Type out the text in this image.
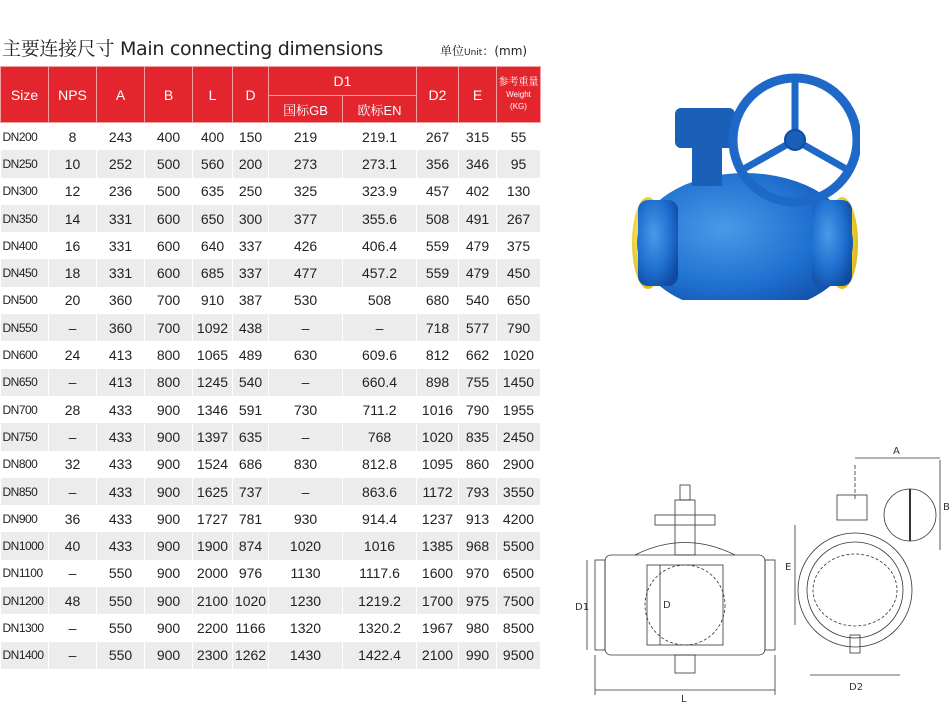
主要连接尺寸 Main connecting dimensions	单位Unit：(mm)
Size	NPS	A	B	L	D	D1		D2	E	参考重量
Weight (KG)

						国标GB	欧标EN			
DN200	8	243	400	400	150	219	219.1	267	315	55
DN250	10	252	500	560	200	273	273.1	356	346	95
DN300	12	236	500	635	250	325	323.9	457	402	130
DN350	14	331	600	650	300	377	355.6	508	491	267
DN400	16	331	600	640	337	426	406.4	559	479	375
DN450	18	331	600	685	337	477	457.2	559	479	450
DN500	20	360	700	910	387	530	508	680	540	650
DN550	–	360	700	1092	438	–	–	718	577	790
DN600	24	413	800	1065	489	630	609.6	812	662	1020
DN650	–	413	800	1245	540	–	660.4	898	755	1450
DN700	28	433	900	1346	591	730	711.2	1016	790	1955
DN750	–	433	900	1397	635	–	768	1020	835	2450
DN800	32	433	900	1524	686	830	812.8	1095	860	2900
DN850	–	433	900	1625	737	–	863.6	1172	793	3550
DN900	36	433	900	1727	781	930	914.4	1237	913	4200
DN1000	40	433	900	1900	874	1020	1016	1385	968	5500
DN1100	–	550	900	2000	976	1130	1117.6	1600	970	6500
DN1200	48	550	900	2100	1020	1230	1219.2	1700	975	7500
DN1300	–	550	900	2200	1166	1320	1320.2	1967	980	8500
DN1400	–	550	900	2300	1262	1430	1422.4	2100	990	9500
D1	D
L
A
B
E
D2
